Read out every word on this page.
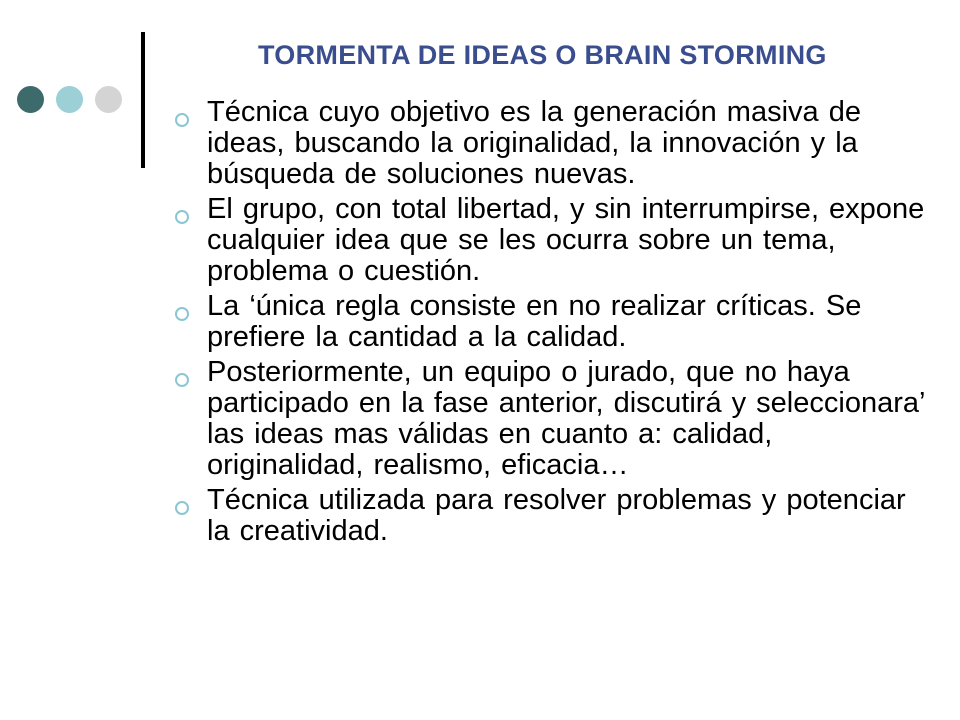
TORMENTA DE IDEAS O BRAIN STORMING
Técnica cuyo objetivo es la generación masiva de ideas, buscando la originalidad, la innovación y la búsqueda de soluciones nuevas.
El grupo, con total libertad, y sin interrumpirse, expone cualquier idea que se les ocurra sobre un tema, problema o cuestión.
La ‘única regla consiste en no realizar críticas. Se prefiere la cantidad a la calidad.
Posteriormente, un equipo o jurado, que no haya participado en la fase anterior, discutirá y seleccionara’ las ideas mas válidas en cuanto a: calidad, originalidad, realismo, eficacia…
Técnica utilizada para resolver problemas y potenciar la creatividad.
